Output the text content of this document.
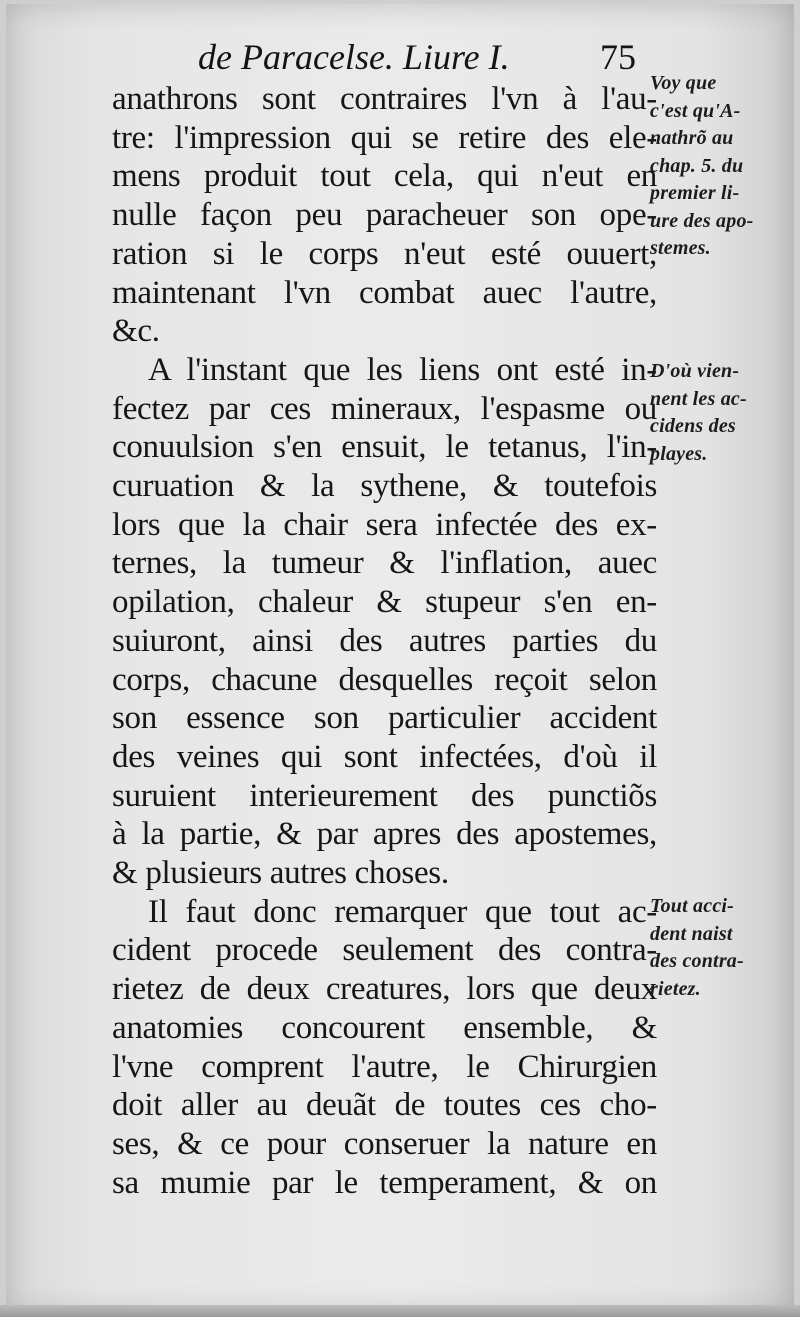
de Paracelse. Liure I.	75
anathrons sont contraires l'vn à l'au-
tre: l'impression qui se retire des ele-
mens produit tout cela, qui n'eut en
nulle façon peu paracheuer son ope-
ration si le corps n'eut esté ouuert,
maintenant l'vn combat auec l'autre,
&c.
A l'instant que les liens ont esté in-
fectez par ces mineraux, l'espasme ou
conuulsion s'en ensuit, le tetanus, l'in-
curuation & la sythene, & toutefois
lors que la chair sera infectée des ex-
ternes, la tumeur & l'inflation, auec
opilation, chaleur & stupeur s'en en-
suiuront, ainsi des autres parties du
corps, chacune desquelles reçoit selon
son essence son particulier accident
des veines qui sont infectées, d'où il
suruient interieurement des punctiõs
à la partie, & par apres des apostemes,
& plusieurs autres choses.
Il faut donc remarquer que tout ac-
cident procede seulement des contra-
rietez de deux creatures, lors que deux
anatomies concourent ensemble, &
l'vne comprent l'autre, le Chirurgien
doit aller au deuãt de toutes ces cho-
ses, & ce pour conseruer la nature en
sa mumie par le temperament, & on
Voy que
c'est qu'A-
nathrõ au
chap. 5. du
premier li-
ure des apo-
stemes.
D'où vien-
nent les ac-
cidens des
playes.
Tout acci-
dent naist
des contra-
rietez.
